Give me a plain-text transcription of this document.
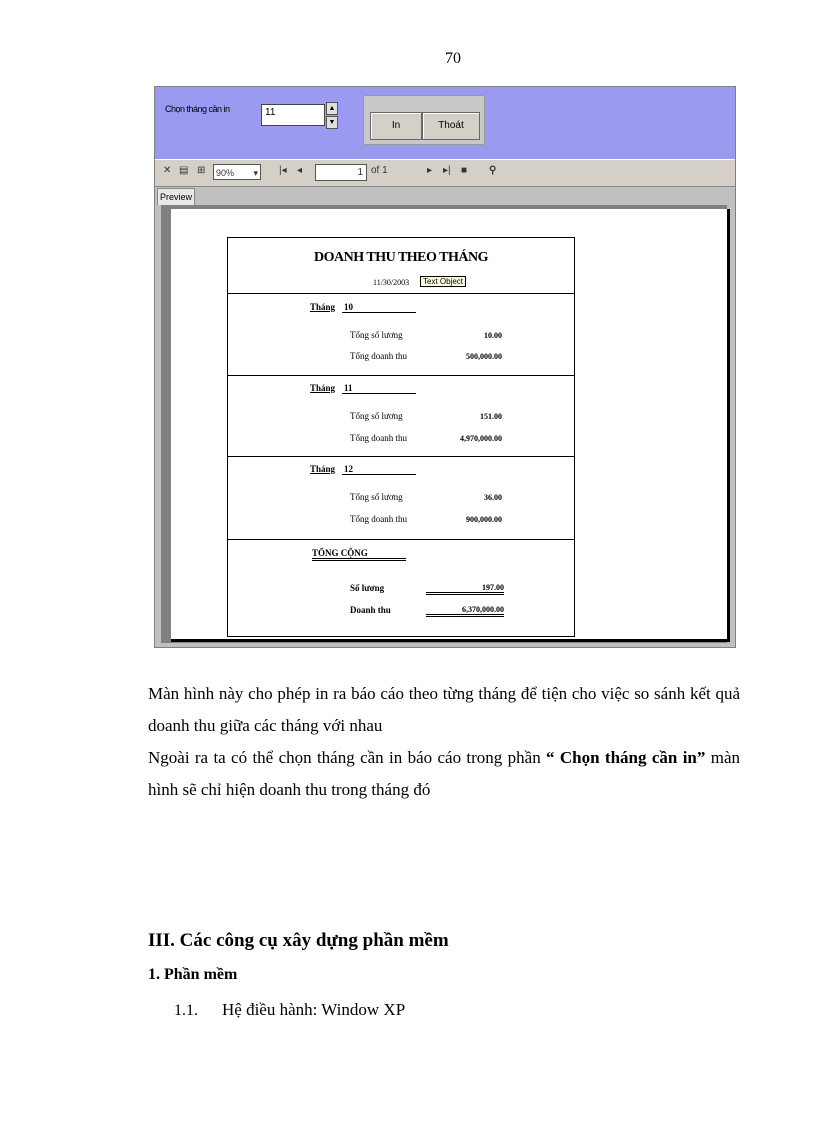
70
Chọn tháng cần in	11	▲
▼	In	Thoát
✕ ▤ ⊞	90% ▾ |◂ ◂	1 of 1	▸ ▸| ■ ⚲
Preview
DOANH THU THEO THÁNG
11/30/2003	Text Object
Tháng 10
Tổng số lương	10.00
Tổng doanh thu	500,000.00
Tháng 11
Tổng số lương	151.00
Tổng doanh thu	4,970,000.00
Tháng 12
Tổng số lương	36.00
Tổng doanh thu	900,000.00
TỔNG CỘNG
Số lương	197.00
Doanh thu	6,370,000.00

Màn hình này cho phép in ra báo cáo theo từng tháng để tiện cho việc so sánh kết quả doanh thu giữa các tháng với nhau

Ngoài ra ta có thể chọn tháng cần in báo cáo trong phần “ Chọn tháng cần in” màn hình sẽ chỉ hiện doanh thu trong tháng đó

III. Các công cụ xây dựng phần mềm
1. Phần mềm
1.1. Hệ điều hành: Window XP
